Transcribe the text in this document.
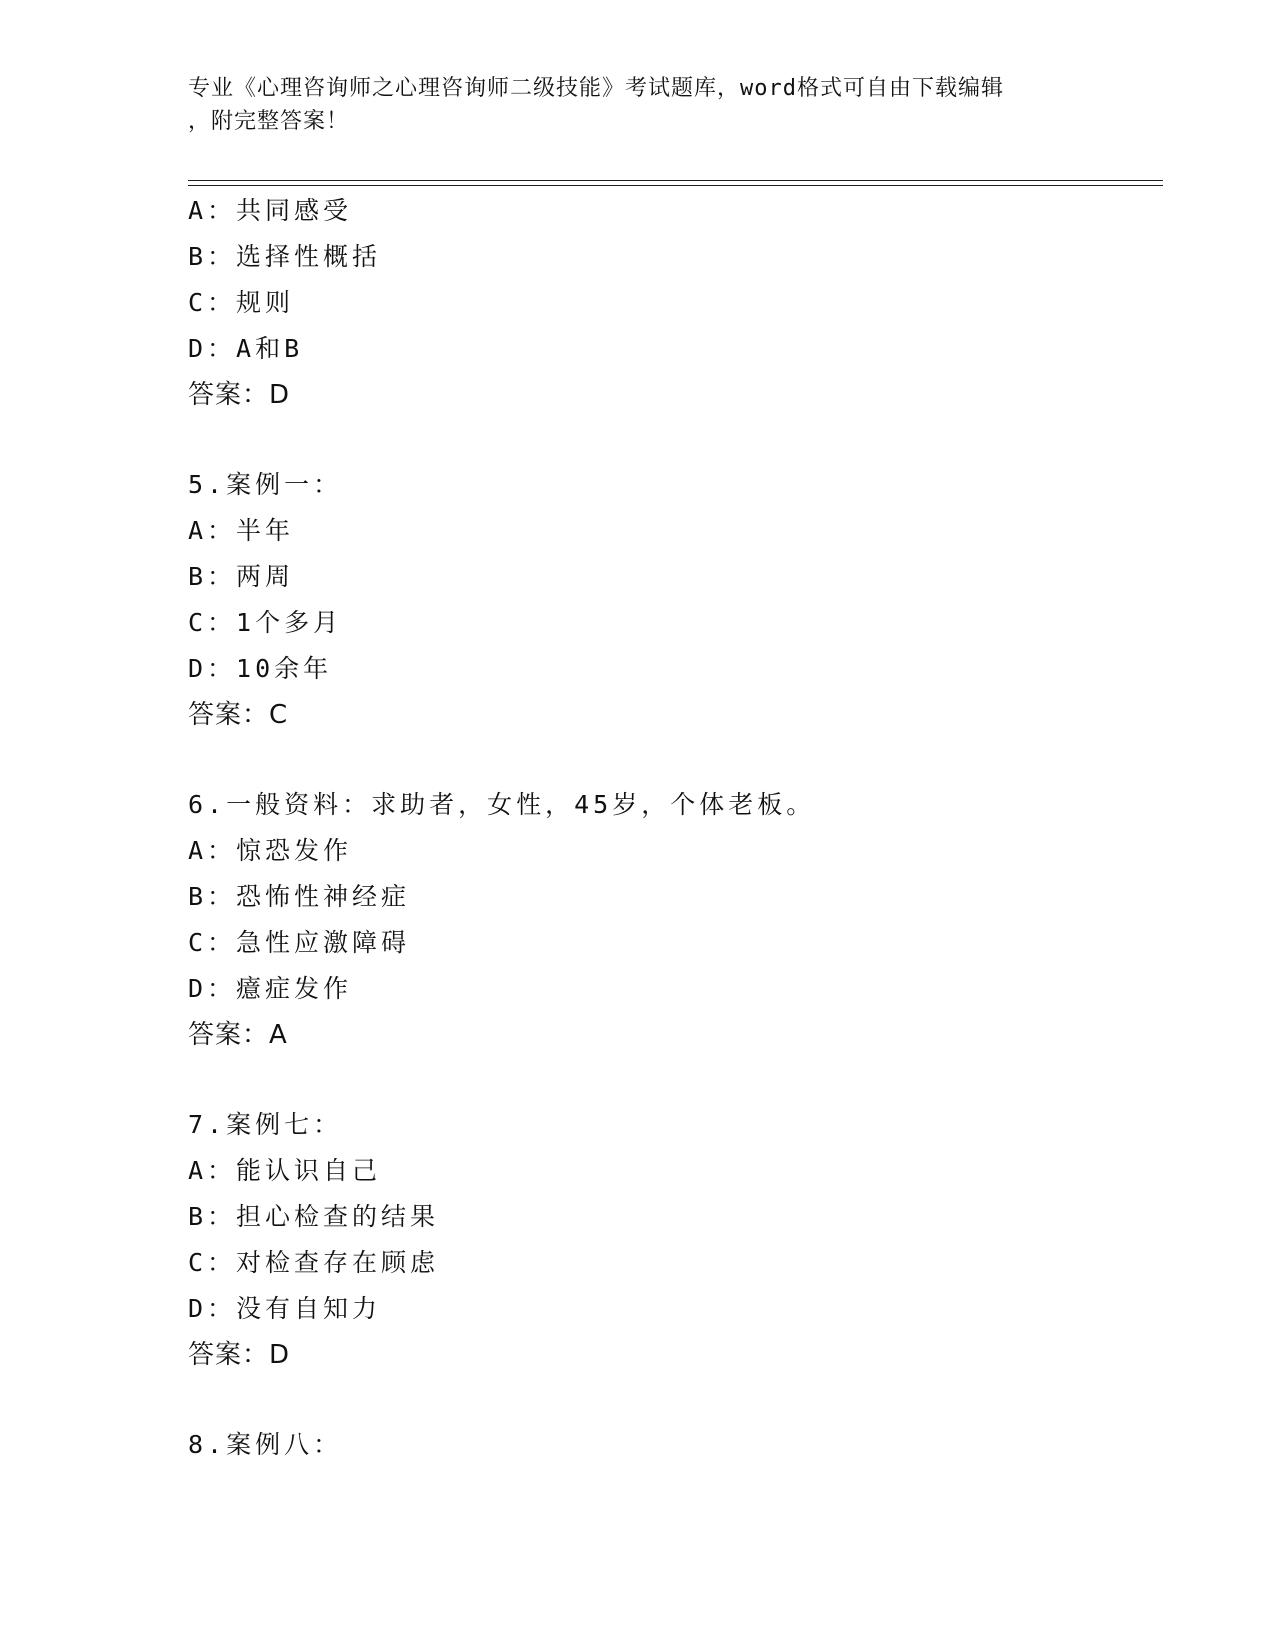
专业《心理咨询师之心理咨询师二级技能》考试题库，word格式可自由下载编辑
，附完整答案！
A：共同感受
B：选择性概括
C：规则
D：A和B
答案：D
5.案例一：
A：半年
B：两周
C：1个多月
D：10余年
答案：C
6.一般资料：求助者，女性，45岁，个体老板。
A：惊恐发作
B：恐怖性神经症
C：急性应激障碍
D：癔症发作
答案：A
7.案例七：
A：能认识自己
B：担心检查的结果
C：对检查存在顾虑
D：没有自知力
答案：D
8.案例八：
